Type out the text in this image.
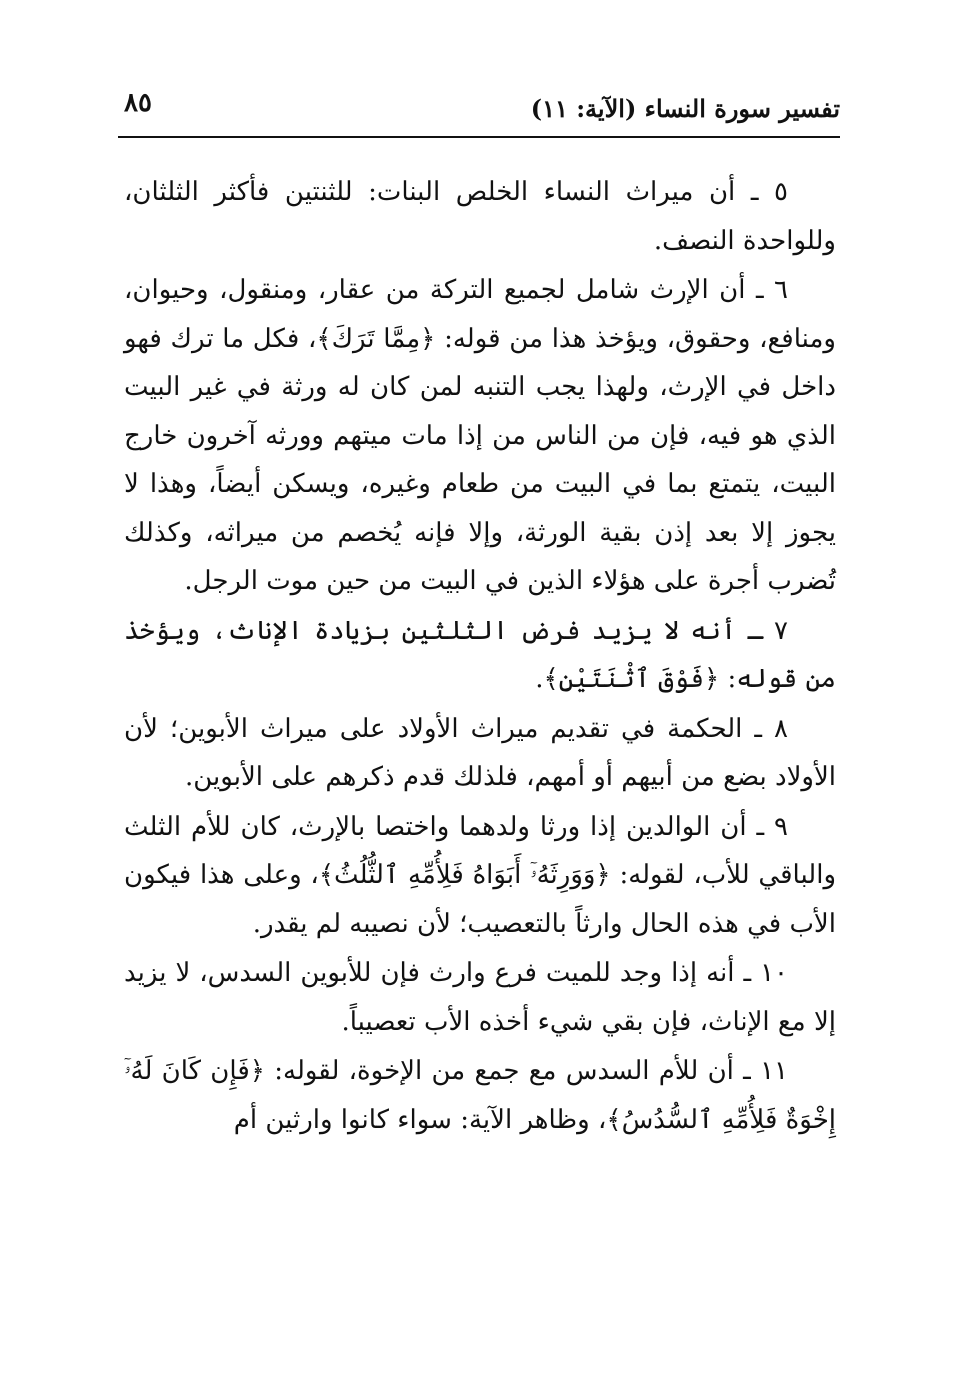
تفسير سورة النساء (الآية: ١١)
٨٥

٥ ـ أن ميراث النساء الخلص البنات: للثنتين فأكثر الثلثان، وللواحدة النصف.

٦ ـ أن الإرث شامل لجميع التركة من عقار، ومنقول، وحيوان، ومنافع، وحقوق، ويؤخذ هذا من قوله: ﴿مِمَّا تَرَكَ﴾، فكل ما ترك فهو داخل في الإرث، ولهذا يجب التنبه لمن كان له ورثة في غير البيت الذي هو فيه، فإن من الناس من إذا مات ميتهم وورثه آخرون خارج البيت، يتمتع بما في البيت من طعام وغيره، ويسكن أيضاً، وهذا لا يجوز إلا بعد إذن بقية الورثة، وإلا فإنه يُخصم من ميراثه، وكذلك تُضرب أجرة على هؤلاء الذين في البيت من حين موت الرجل.

٧ ـ أنه لا يزيد فرض الثلثين بزيادة الإناث، ويؤخذ من قوله: ﴿فَوْقَ ٱثْنَتَيْنِ﴾.

٨ ـ الحكمة في تقديم ميراث الأولاد على ميراث الأبوين؛ لأن الأولاد بضع من أبيهم أو أمهم، فلذلك قدم ذكرهم على الأبوين.

٩ ـ أن الوالدين إذا ورثا ولدهما واختصا بالإرث، كان للأم الثلث والباقي للأب، لقوله: ﴿وَوَرِثَهُۥٓ أَبَوَاهُ فَلِأُمِّهِ ٱلثُّلُثُ﴾، وعلى هذا فيكون الأب في هذه الحال وارثاً بالتعصيب؛ لأن نصيبه لم يقدر.

١٠ ـ أنه إذا وجد للميت فرع وارث فإن للأبوين السدس، لا يزيد إلا مع الإناث، فإن بقي شيء أخذه الأب تعصيباً.

١١ ـ أن للأم السدس مع جمع من الإخوة، لقوله: ﴿فَإِن كَانَ لَهُۥٓ إِخْوَةٌ فَلِأُمِّهِ ٱلسُّدُسُ﴾، وظاهر الآية: سواء كانوا وارثين أم
